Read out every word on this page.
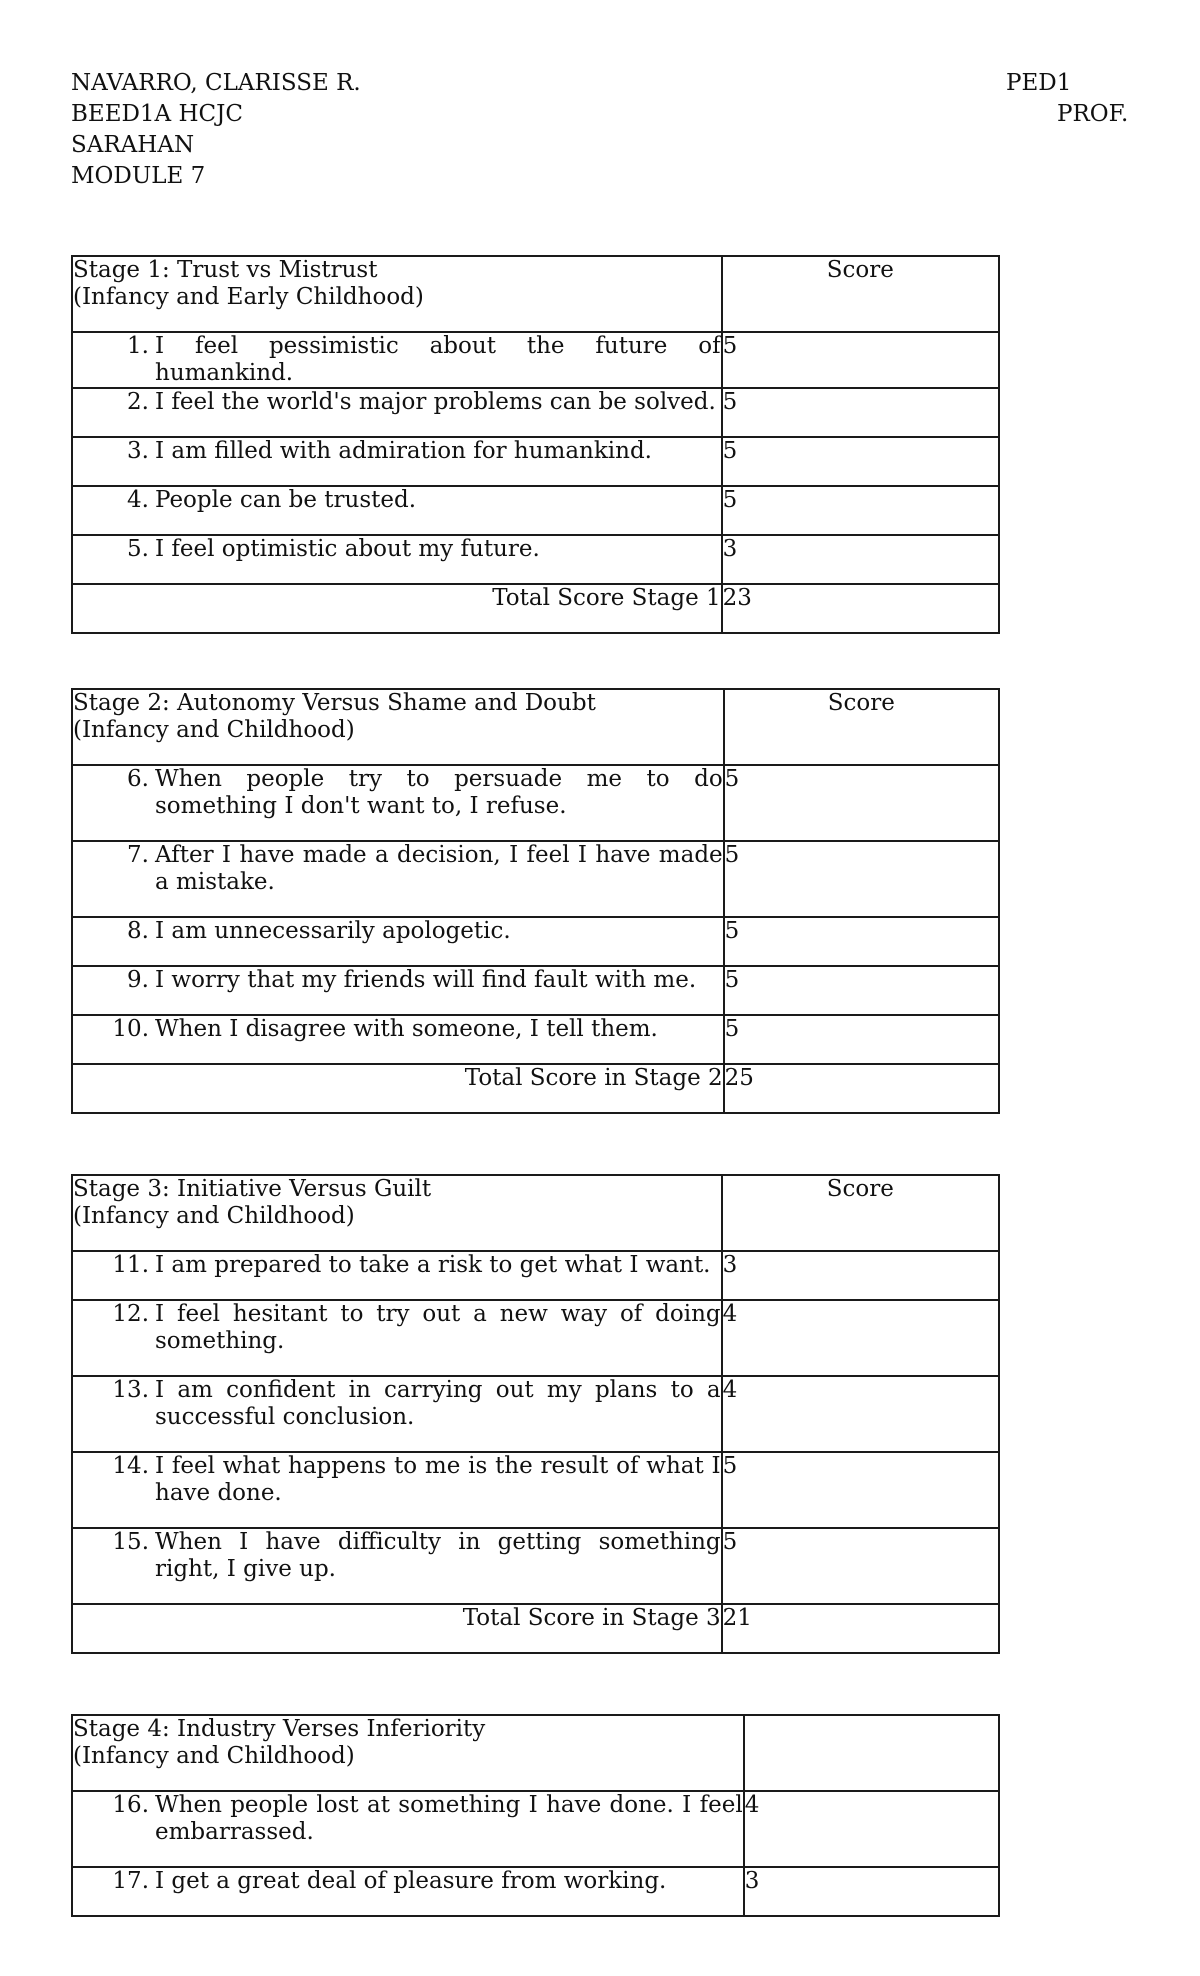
NAVARRO, CLARISSE R.
BEED1A HCJC
SARAHAN
MODULE 7
PED1
PROF.
Stage 1: Trust vs Mistrust
(Infancy and Early Childhood)	Score

1. I feel pessimistic about the future of humankind.	5

2. I feel the world's major problems can be solved.	5

3. I am filled with admiration for humankind.	5

4. People can be trusted.	5

5. I feel optimistic about my future.	3
Total Score Stage 1	23
Stage 2: Autonomy Versus Shame and Doubt
(Infancy and Childhood)	Score

6. When people try to persuade me to do something I don't want to, I refuse.	5

7. After I have made a decision, I feel I have made a mistake.	5

8. I am unnecessarily apologetic.	5

9. I worry that my friends will find fault with me.	5

10. When I disagree with someone, I tell them.	5
Total Score in Stage 2	25
Stage 3: Initiative Versus Guilt
(Infancy and Childhood)	Score

11. I am prepared to take a risk to get what I want.	3

12. I feel hesitant to try out a new way of doing something.	4

13. I am confident in carrying out my plans to a successful conclusion.	4

14. I feel what happens to me is the result of what I have done.	5

15. When I have difficulty in getting something right, I give up.	5
Total Score in Stage 3	21
Stage 4: Industry Verses Inferiority
(Infancy and Childhood)	

16. When people lost at something I have done. I feel embarrassed.	4

17. I get a great deal of pleasure from working.	3
